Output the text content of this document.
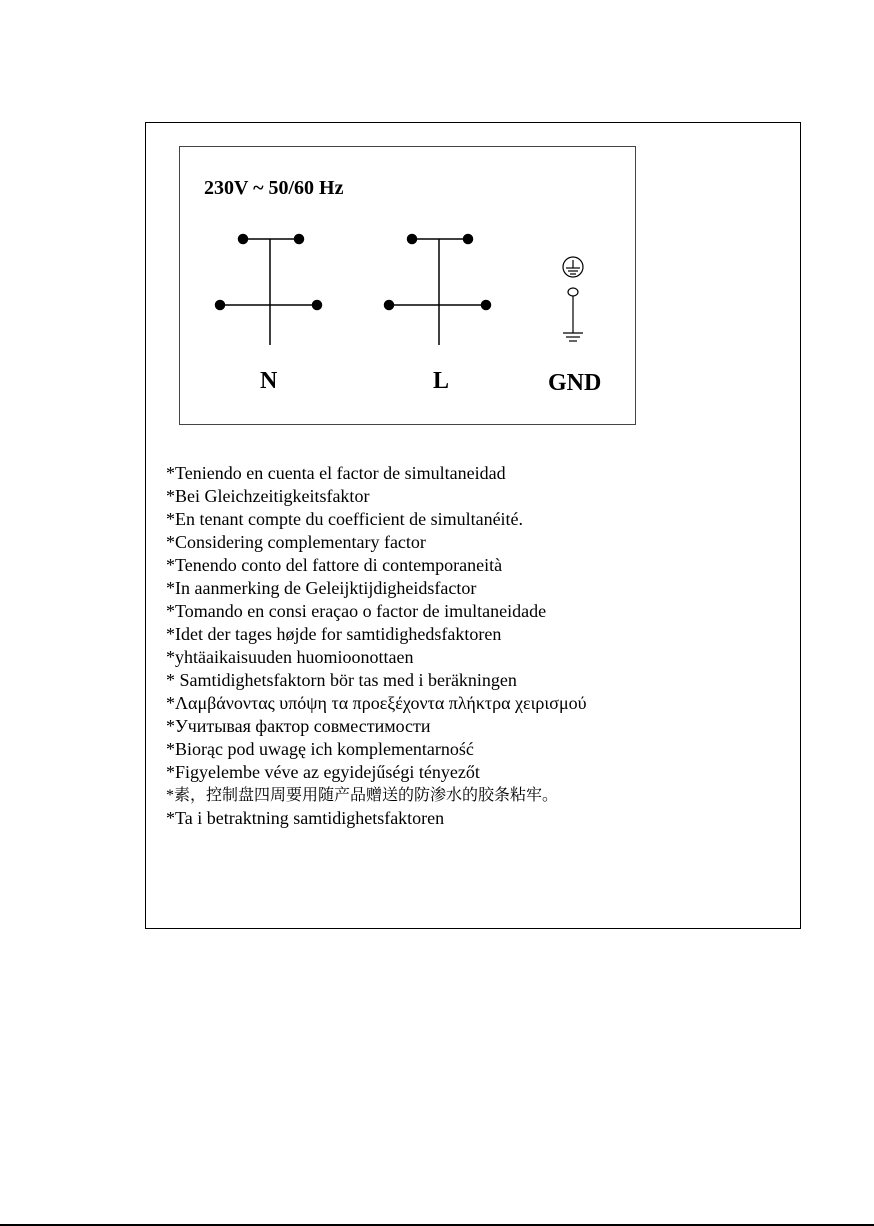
230V ~ 50/60 Hz
N	L	GND
*Teniendo en cuenta el factor de simultaneidad
*Bei Gleichzeitigkeitsfaktor
*En tenant compte du coefficient de simultanéité.
*Considering complementary factor
*Tenendo conto del fattore di contemporaneità
*In aanmerking de Geleijktijdigheidsfactor
*Tomando en consi eraçao o factor de imultaneidade
*Idet der tages højde for samtidighedsfaktoren
*yhtäaikaisuuden huomioonottaen
* Samtidighetsfaktorn bör tas med i beräkningen
*Λαμβάνοντας υπόψη τα προεξέχοντα πλήκτρα χειρισμού
*Учитывая фактор совместимости
*Biorąc pod uwagę ich komplementarność
*Figyelembe véve az egyidejűségi tényezőt
*素，控制盘四周要用随产品赠送的防渗水的胶条粘牢。
*Ta i betraktning samtidighetsfaktoren
